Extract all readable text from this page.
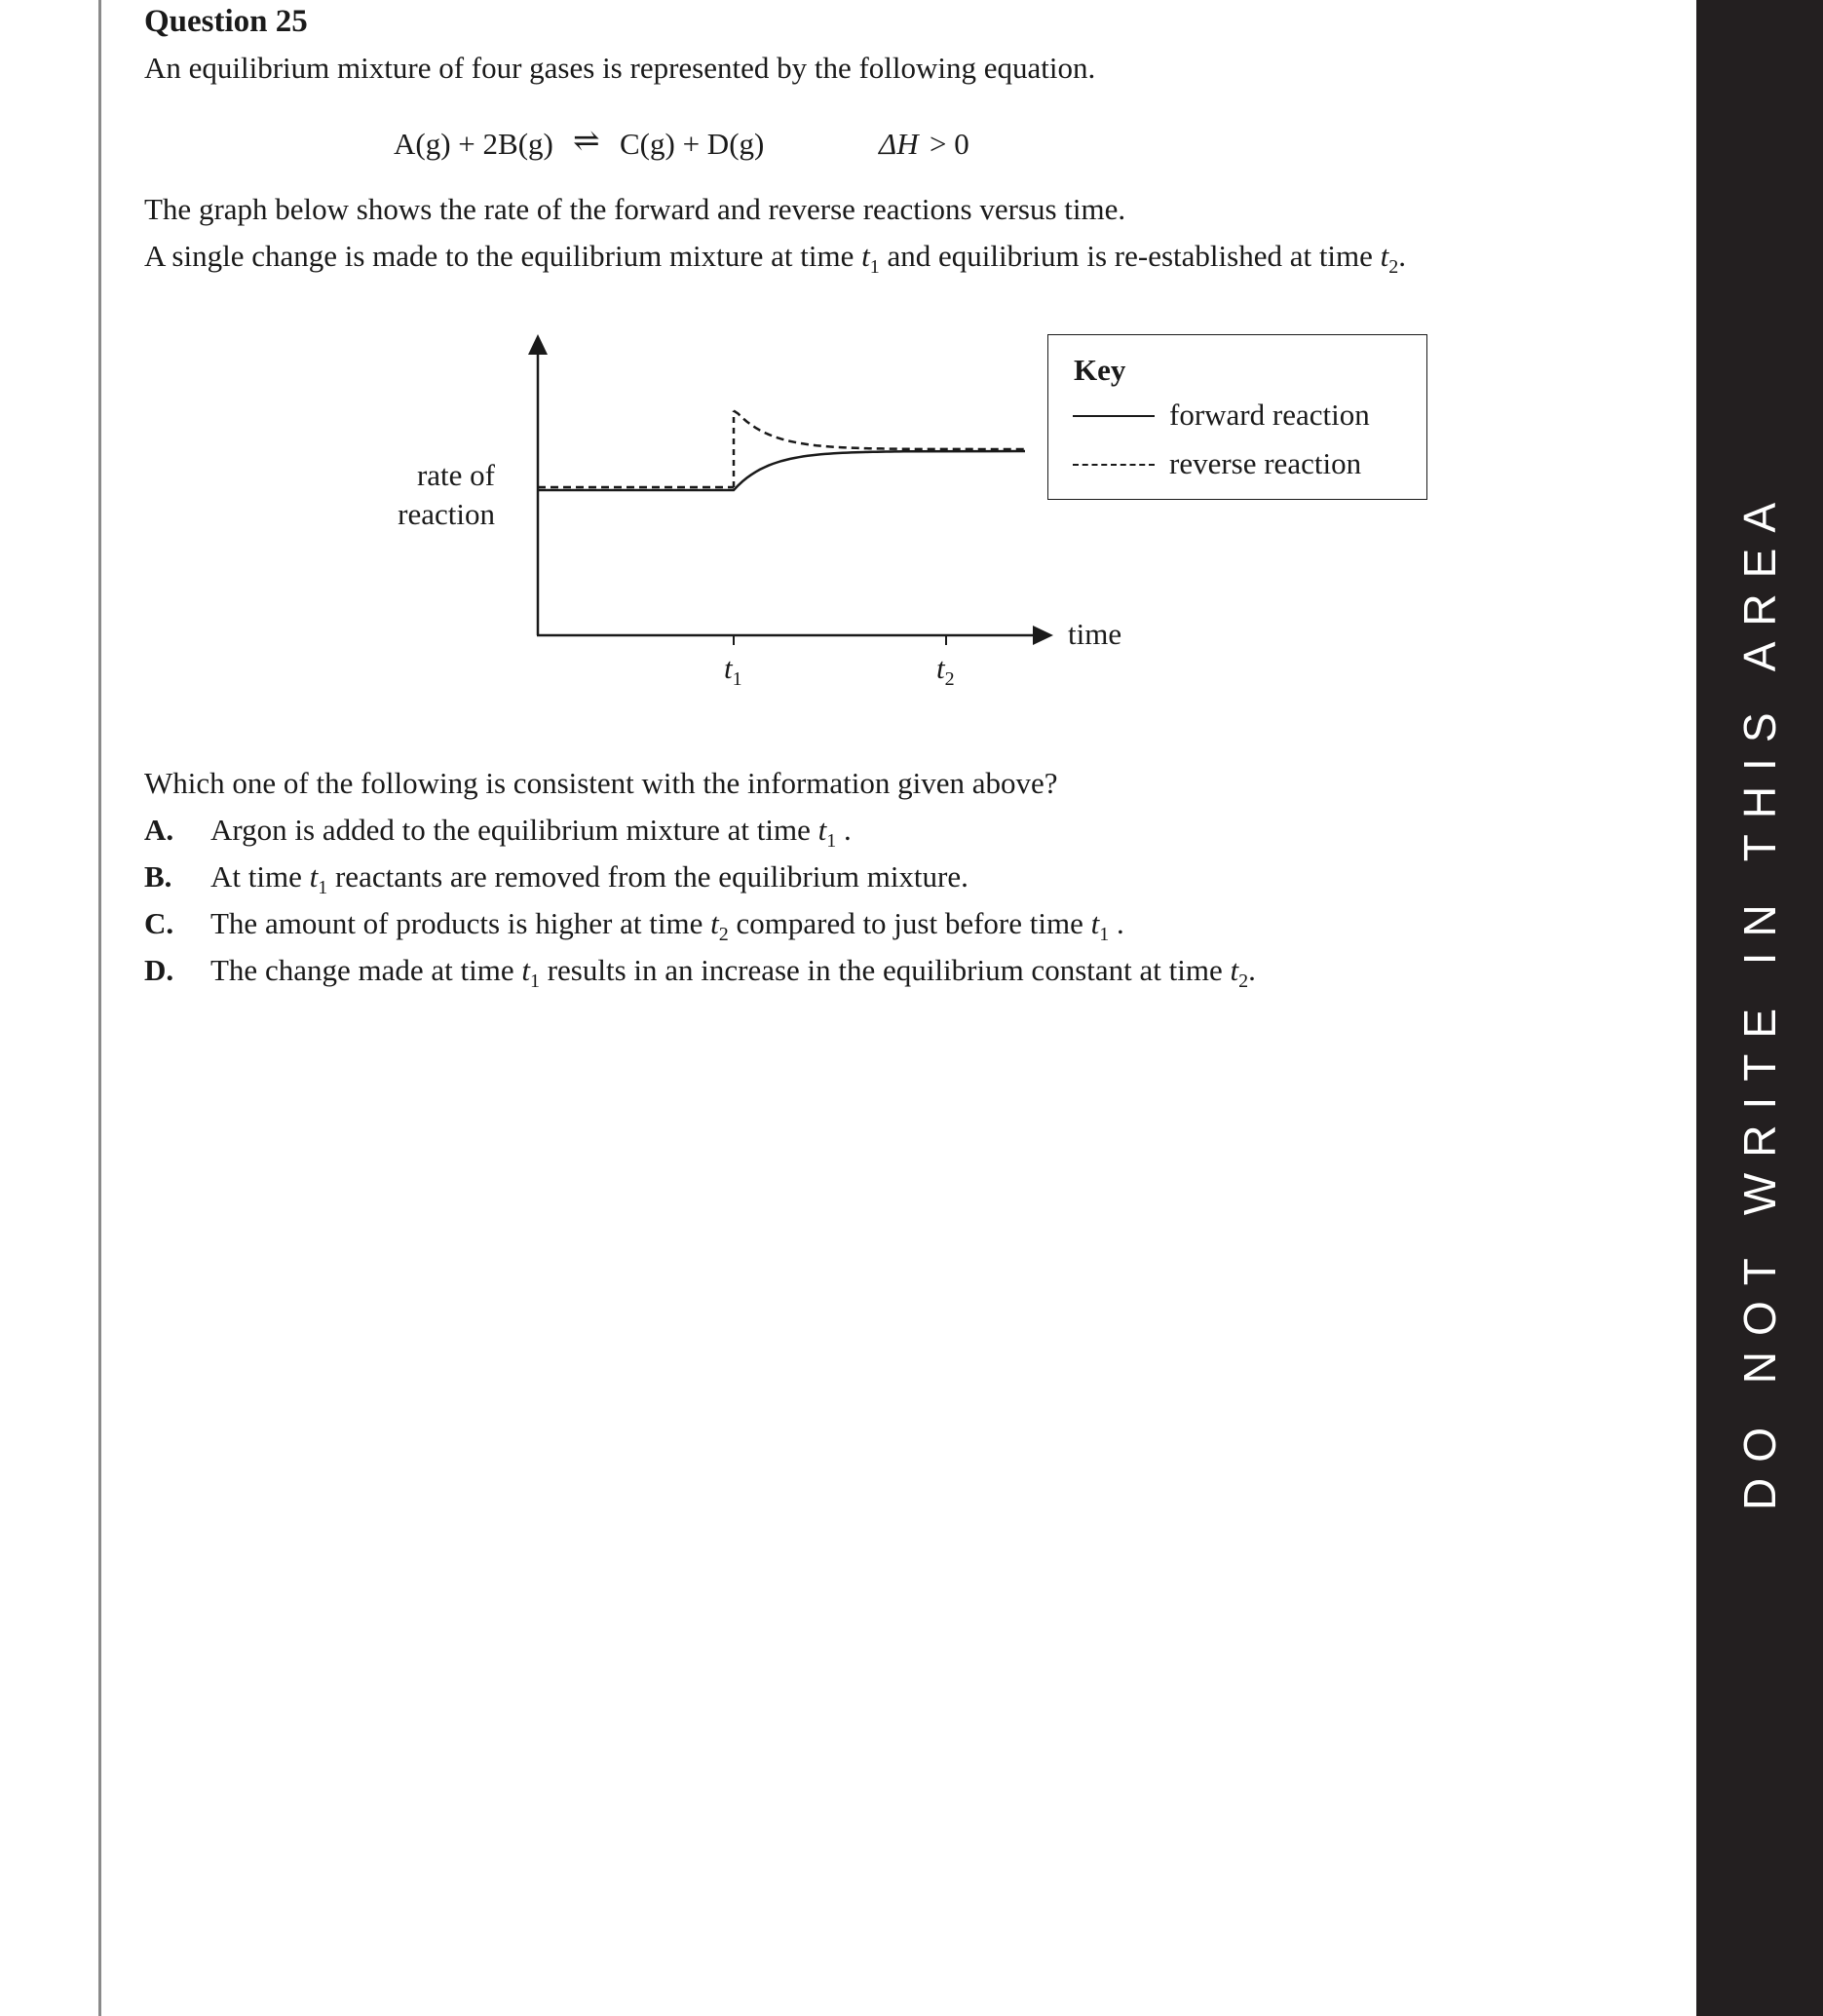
DO NOT WRITE IN THIS AREA
Question 25
An equilibrium mixture of four gases is represented by the following equation.
A(g) + 2B(g) ⇌ C(g) + D(g)	ΔH > 0
The graph below shows the rate of the forward and reverse reactions versus time.
A single change is made to the equilibrium mixture at time $t_1$ and equilibrium is re-established at time $t_2$.
rate of
reaction
time
$t_1$	$t_2$
Key
forward reaction
reverse reaction
Which one of the following is consistent with the information given above?
A. Argon is added to the equilibrium mixture at time $t_1$ .
B. At time $t_1$ reactants are removed from the equilibrium mixture.
C. The amount of products is higher at time $t_2$ compared to just before time $t_1$ .
D. The change made at time $t_1$ results in an increase in the equilibrium constant at time $t_2$.
